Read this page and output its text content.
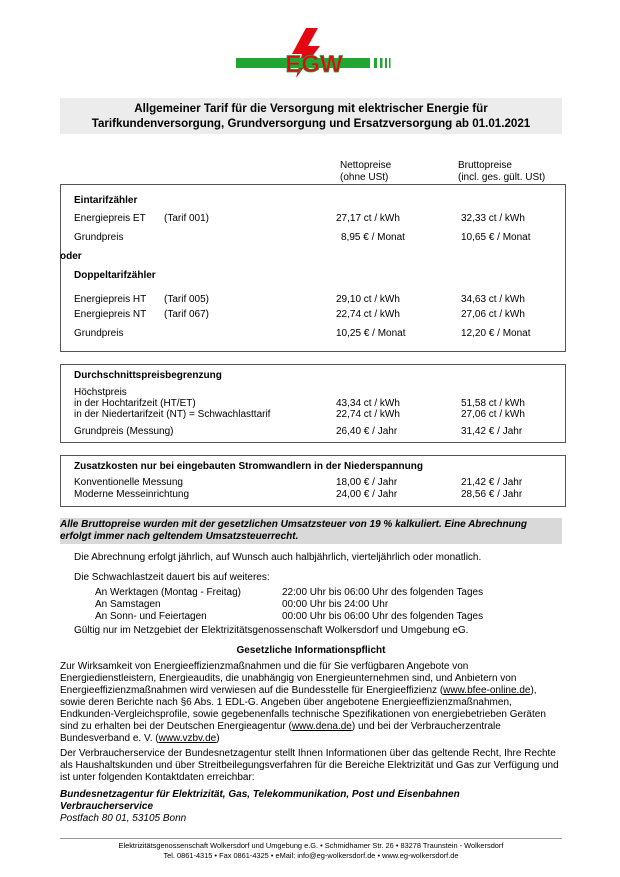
EGW
Allgemeiner Tarif für die Versorgung mit elektrischer Energie für
Tarifkundenversorgung, Grundversorgung und Ersatzversorgung ab 01.01.2021
Nettopreise
(ohne USt)
Bruttopreise
(incl. ges. gült. USt)
Eintarifzähler
Energiepreis ET (Tarif 001)	27,17 ct / kWh	32,33 ct / kWh
Grundpreis	8,95 € / Monat	10,65 € / Monat
oder
Doppeltarifzähler
Energiepreis HT (Tarif 005)	29,10 ct / kWh	34,63 ct / kWh
Energiepreis NT (Tarif 067)	22,74 ct / kWh	27,06 ct / kWh
Grundpreis	10,25 € / Monat	12,20 € / Monat
Durchschnittspreisbegrenzung
Höchstpreis
in der Hochtarifzeit (HT/ET)	43,34 ct / kWh	51,58 ct / kWh
in der Niedertarifzeit (NT) = Schwachlasttarif	22,74 ct / kWh	27,06 ct / kWh
Grundpreis (Messung)	26,40 € / Jahr	31,42 € / Jahr
Zusatzkosten nur bei eingebauten Stromwandlern in der Niederspannung
Konventionelle Messung	18,00 € / Jahr	21,42 € / Jahr
Moderne Messeinrichtung	24,00 € / Jahr	28,56 € / Jahr
Alle Bruttopreise wurden mit der gesetzlichen Umsatzsteuer von 19 % kalkuliert. Eine Abrechnung erfolgt immer nach geltendem Umsatzsteuerrecht.
Die Abrechnung erfolgt jährlich, auf Wunsch auch halbjährlich, vierteljährlich oder monatlich.
Die Schwachlastzeit dauert bis auf weiteres:
An Werktagen (Montag - Freitag)	22:00 Uhr bis 06:00 Uhr des folgenden Tages
An Samstagen	00:00 Uhr bis 24:00 Uhr
An Sonn- und Feiertagen	00:00 Uhr bis 06:00 Uhr des folgenden Tages
Gültig nur im Netzgebiet der Elektrizitätsgenossenschaft Wolkersdorf und Umgebung eG.
Gesetzliche Informationspflicht
Zur Wirksamkeit von Energieeffizienzmaßnahmen und die für Sie verfügbaren Angebote von Energiedienstleistern, Energieaudits, die unabhängig von Energieunternehmen sind, und Anbietern von Energieeffizienzmaßnahmen wird verwiesen auf die Bundesstelle für Energieeffizienz (www.bfee-online.de), sowie deren Berichte nach §6 Abs. 1 EDL-G. Angeben über angebotene Energieeffizienzmaßnahmen, Endkunden-Vergleichsprofile, sowie gegebenenfalls technische Spezifikationen von energiebetrieben Geräten sind zu erhalten bei der Deutschen Energieagentur (www.dena.de) und bei der Verbraucherzentrale Bundesverband e. V. (www.vzbv.de)
Der Verbraucherservice der Bundesnetzagentur stellt Ihnen Informationen über das geltende Recht, Ihre Rechte als Haushaltskunden und über Streitbeilegungsverfahren für die Bereiche Elektrizität und Gas zur Verfügung und ist unter folgenden Kontaktdaten erreichbar:
Bundesnetzagentur für Elektrizität, Gas, Telekommunikation, Post und Eisenbahnen
Verbraucherservice
Postfach 80 01, 53105 Bonn
Elektrizitätsgenossenschaft Wolkersdorf und Umgebung e.G. • Schmidhamer Str. 26 • 83278 Traunstein - Wolkersdorf
Tel. 0861-4315 • Fax 0861-4325 • eMail: info@eg-wolkersdorf.de • www.eg-wolkersdorf.de
